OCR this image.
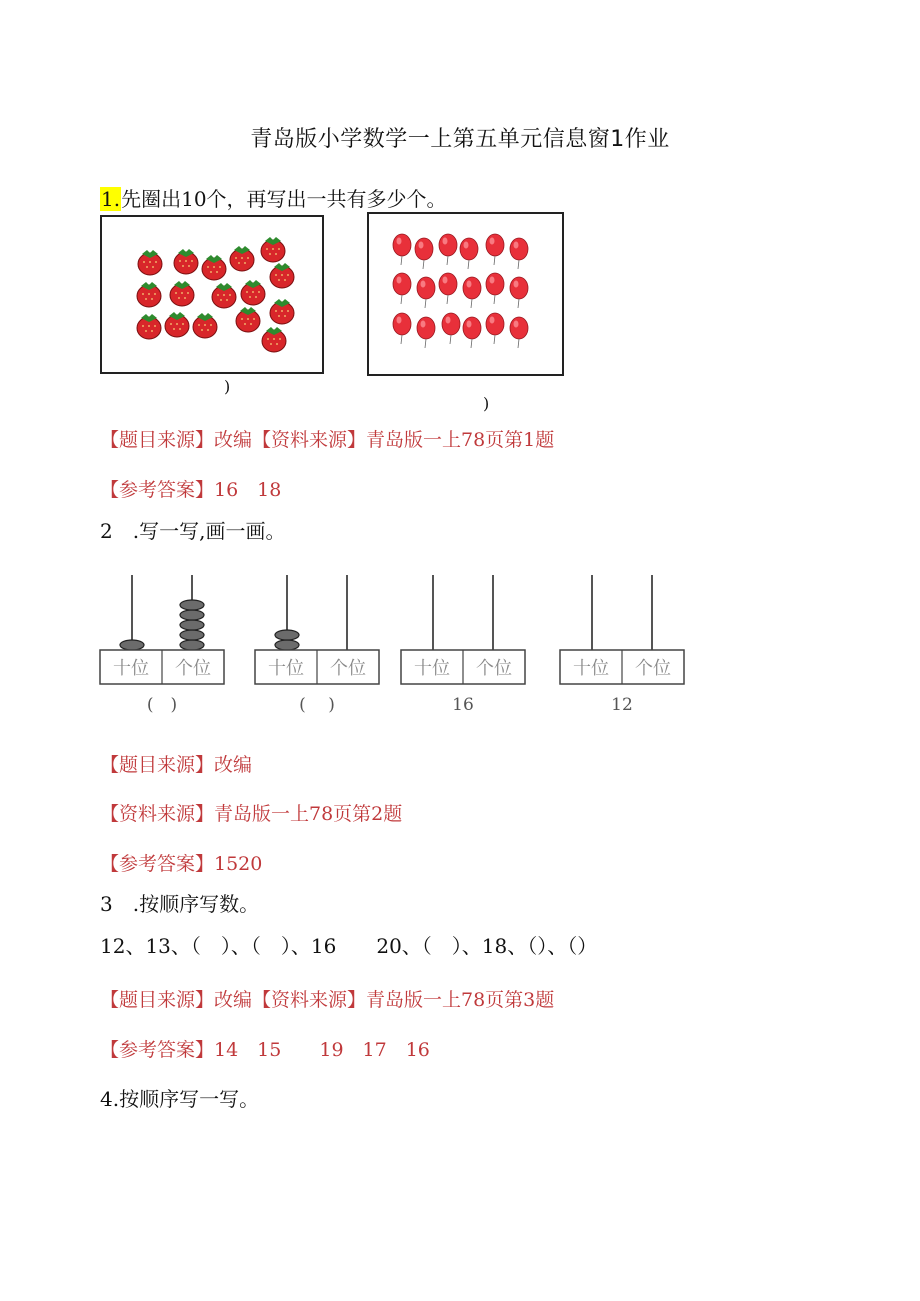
青岛版小学数学一上第五单元信息窗1作业
1.先圈出10个，再写出一共有多少个。
)
)
【题目来源】改编【资料来源】青岛版一上78页第1题
【参考答案】16　18
2　.写一写,画一画。
十位 个位
(　)
十位 个位
(　 )
十位 个位
16
十位 个位
12
【题目来源】改编
【资料来源】青岛版一上78页第2题
【参考答案】1520
3　.按顺序写数。
12、13、（　）、（　）、16　　20、（　）、18、（）、（）
【题目来源】改编【资料来源】青岛版一上78页第3题
【参考答案】14　15　　19　17　16
4.按顺序写一写。
